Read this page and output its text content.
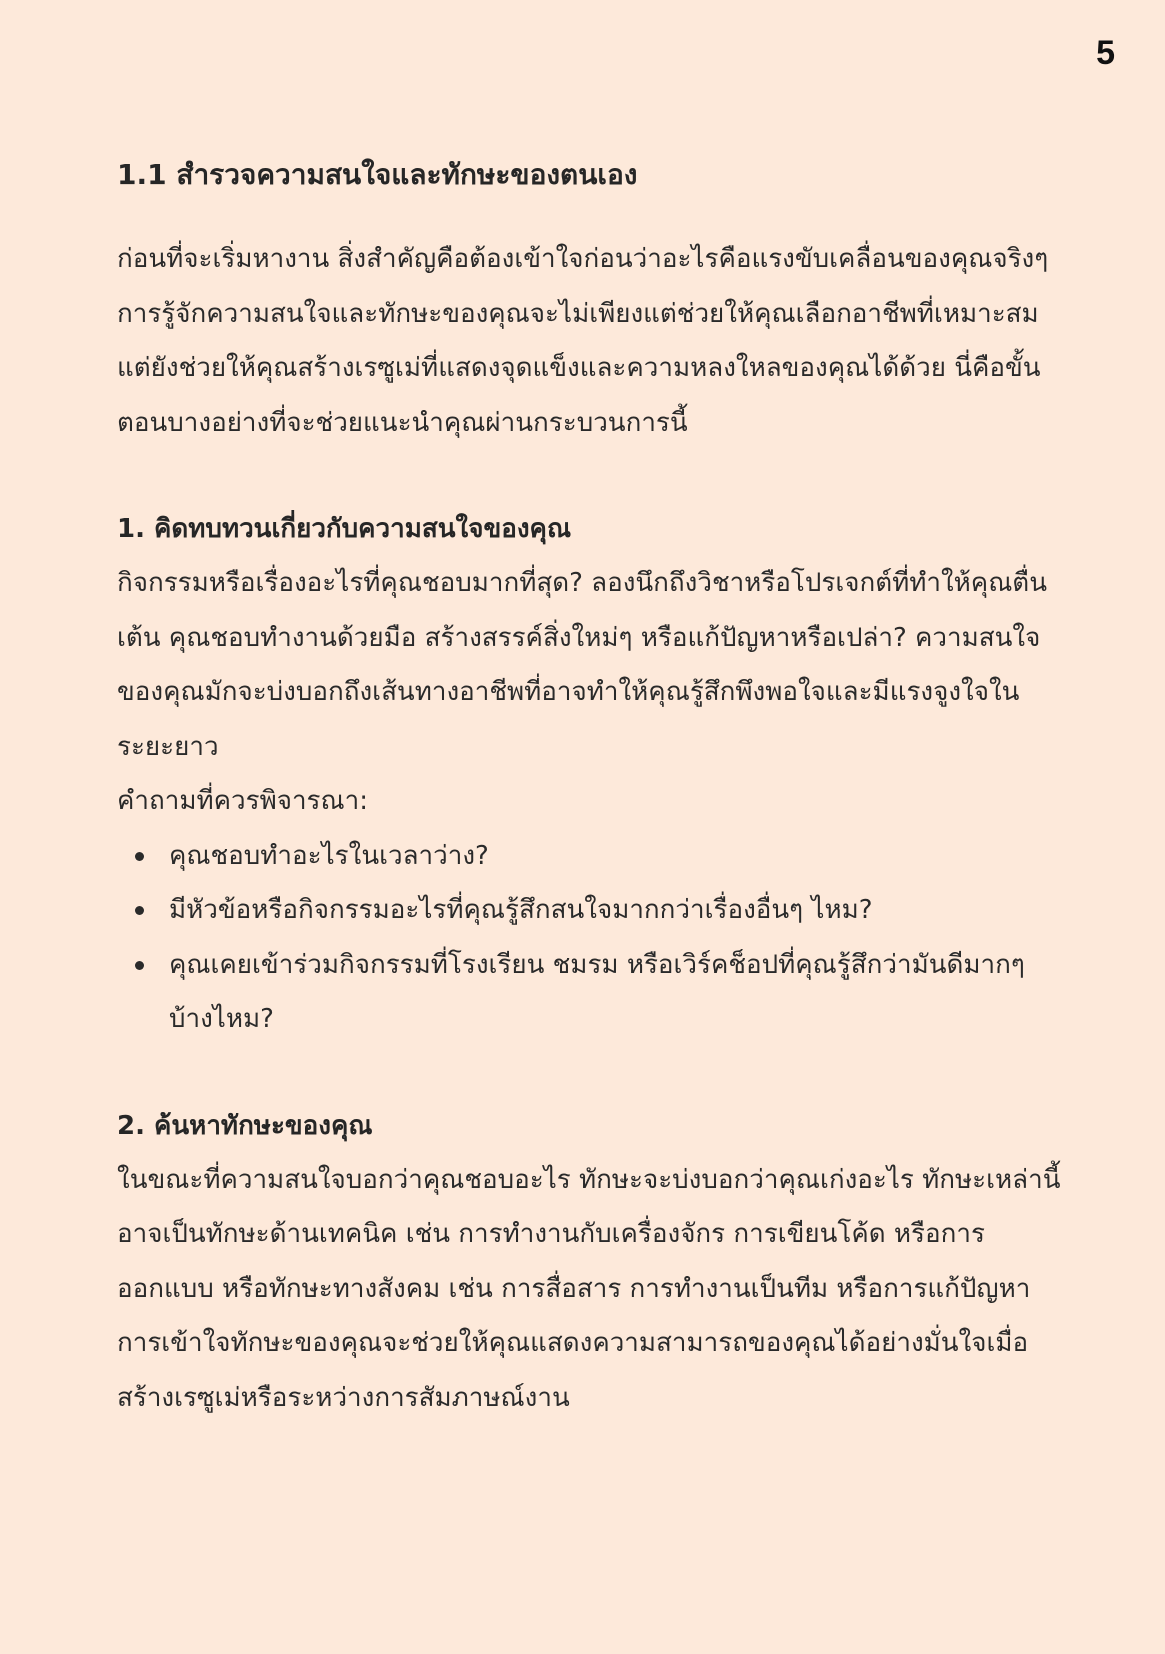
5
1.1 สำรวจความสนใจและทักษะของตนเอง

ก่อนที่จะเริ่มหางาน สิ่งสำคัญคือต้องเข้าใจก่อนว่าอะไรคือแรงขับเคลื่อนของคุณจริงๆ การรู้จักความสนใจและทักษะของคุณจะไม่เพียงแต่ช่วยให้คุณเลือกอาชีพที่เหมาะสม แต่ยังช่วยให้คุณสร้างเรซูเม่ที่แสดงจุดแข็งและความหลงใหลของคุณได้ด้วย นี่คือขั้นตอนบางอย่างที่จะช่วยแนะนำคุณผ่านกระบวนการนี้

1. คิดทบทวนเกี่ยวกับความสนใจของคุณ

กิจกรรมหรือเรื่องอะไรที่คุณชอบมากที่สุด? ลองนึกถึงวิชาหรือโปรเจกต์ที่ทำให้คุณตื่นเต้น คุณชอบทำงานด้วยมือ สร้างสรรค์สิ่งใหม่ๆ หรือแก้ปัญหาหรือเปล่า? ความสนใจของคุณมักจะบ่งบอกถึงเส้นทางอาชีพที่อาจทำให้คุณรู้สึกพึงพอใจและมีแรงจูงใจในระยะยาว

คำถามที่ควรพิจารณา:

คุณชอบทำอะไรในเวลาว่าง?
มีหัวข้อหรือกิจกรรมอะไรที่คุณรู้สึกสนใจมากกว่าเรื่องอื่นๆ ไหม?
คุณเคยเข้าร่วมกิจกรรมที่โรงเรียน ชมรม หรือเวิร์คช็อปที่คุณรู้สึกว่ามันดีมากๆ บ้างไหม?
2. ค้นหาทักษะของคุณ

ในขณะที่ความสนใจบอกว่าคุณชอบอะไร ทักษะจะบ่งบอกว่าคุณเก่งอะไร ทักษะเหล่านี้อาจเป็นทักษะด้านเทคนิค เช่น การทำงานกับเครื่องจักร การเขียนโค้ด หรือการออกแบบ หรือทักษะทางสังคม เช่น การสื่อสาร การทำงานเป็นทีม หรือการแก้ปัญหา การเข้าใจทักษะของคุณจะช่วยให้คุณแสดงความสามารถของคุณได้อย่างมั่นใจเมื่อสร้างเรซูเม่หรือระหว่างการสัมภาษณ์งาน
